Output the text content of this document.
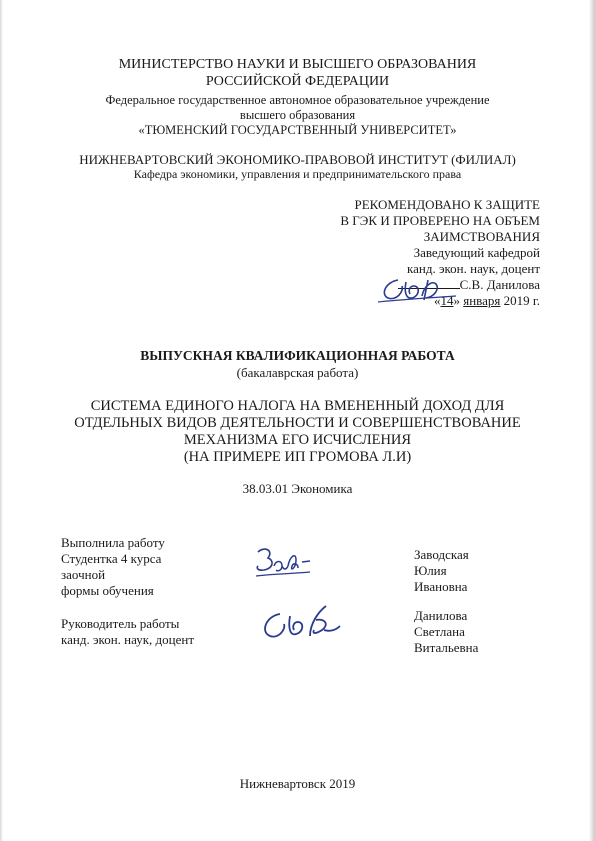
МИНИСТЕРСТВО НАУКИ И ВЫСШЕГО ОБРАЗОВАНИЯ
РОССИЙСКОЙ ФЕДЕРАЦИИ
Федеральное государственное автономное образовательное учреждение
высшего образования
«ТЮМЕНСКИЙ ГОСУДАРСТВЕННЫЙ УНИВЕРСИТЕТ»
НИЖНЕВАРТОВСКИЙ ЭКОНОМИКО-ПРАВОВОЙ ИНСТИТУТ (ФИЛИАЛ)
Кафедра экономики, управления и предпринимательского права
РЕКОМЕНДОВАНО К ЗАЩИТЕ
В ГЭК И ПРОВЕРЕНО НА ОБЪЕМ
ЗАИМСТВОВАНИЯ
Заведующий кафедрой
канд. экон. наук, доцент
С.В. Данилова
«14» января 2019 г.
ВЫПУСКНАЯ КВАЛИФИКАЦИОННАЯ РАБОТА
(бакалаврская работа)
СИСТЕМА ЕДИНОГО НАЛОГА НА ВМЕНЕННЫЙ ДОХОД ДЛЯ
ОТДЕЛЬНЫХ ВИДОВ ДЕЯТЕЛЬНОСТИ И СОВЕРШЕНСТВОВАНИЕ
МЕХАНИЗМА ЕГО ИСЧИСЛЕНИЯ
(НА ПРИМЕРЕ ИП ГРОМОВА Л.И)
38.03.01 Экономика
Выполнила работу
Студентка 4 курса
заочной
формы обучения
Заводская
Юлия
Ивановна
Руководитель работы
канд. экон. наук, доцент
Данилова
Светлана
Витальевна
Нижневартовск 2019
